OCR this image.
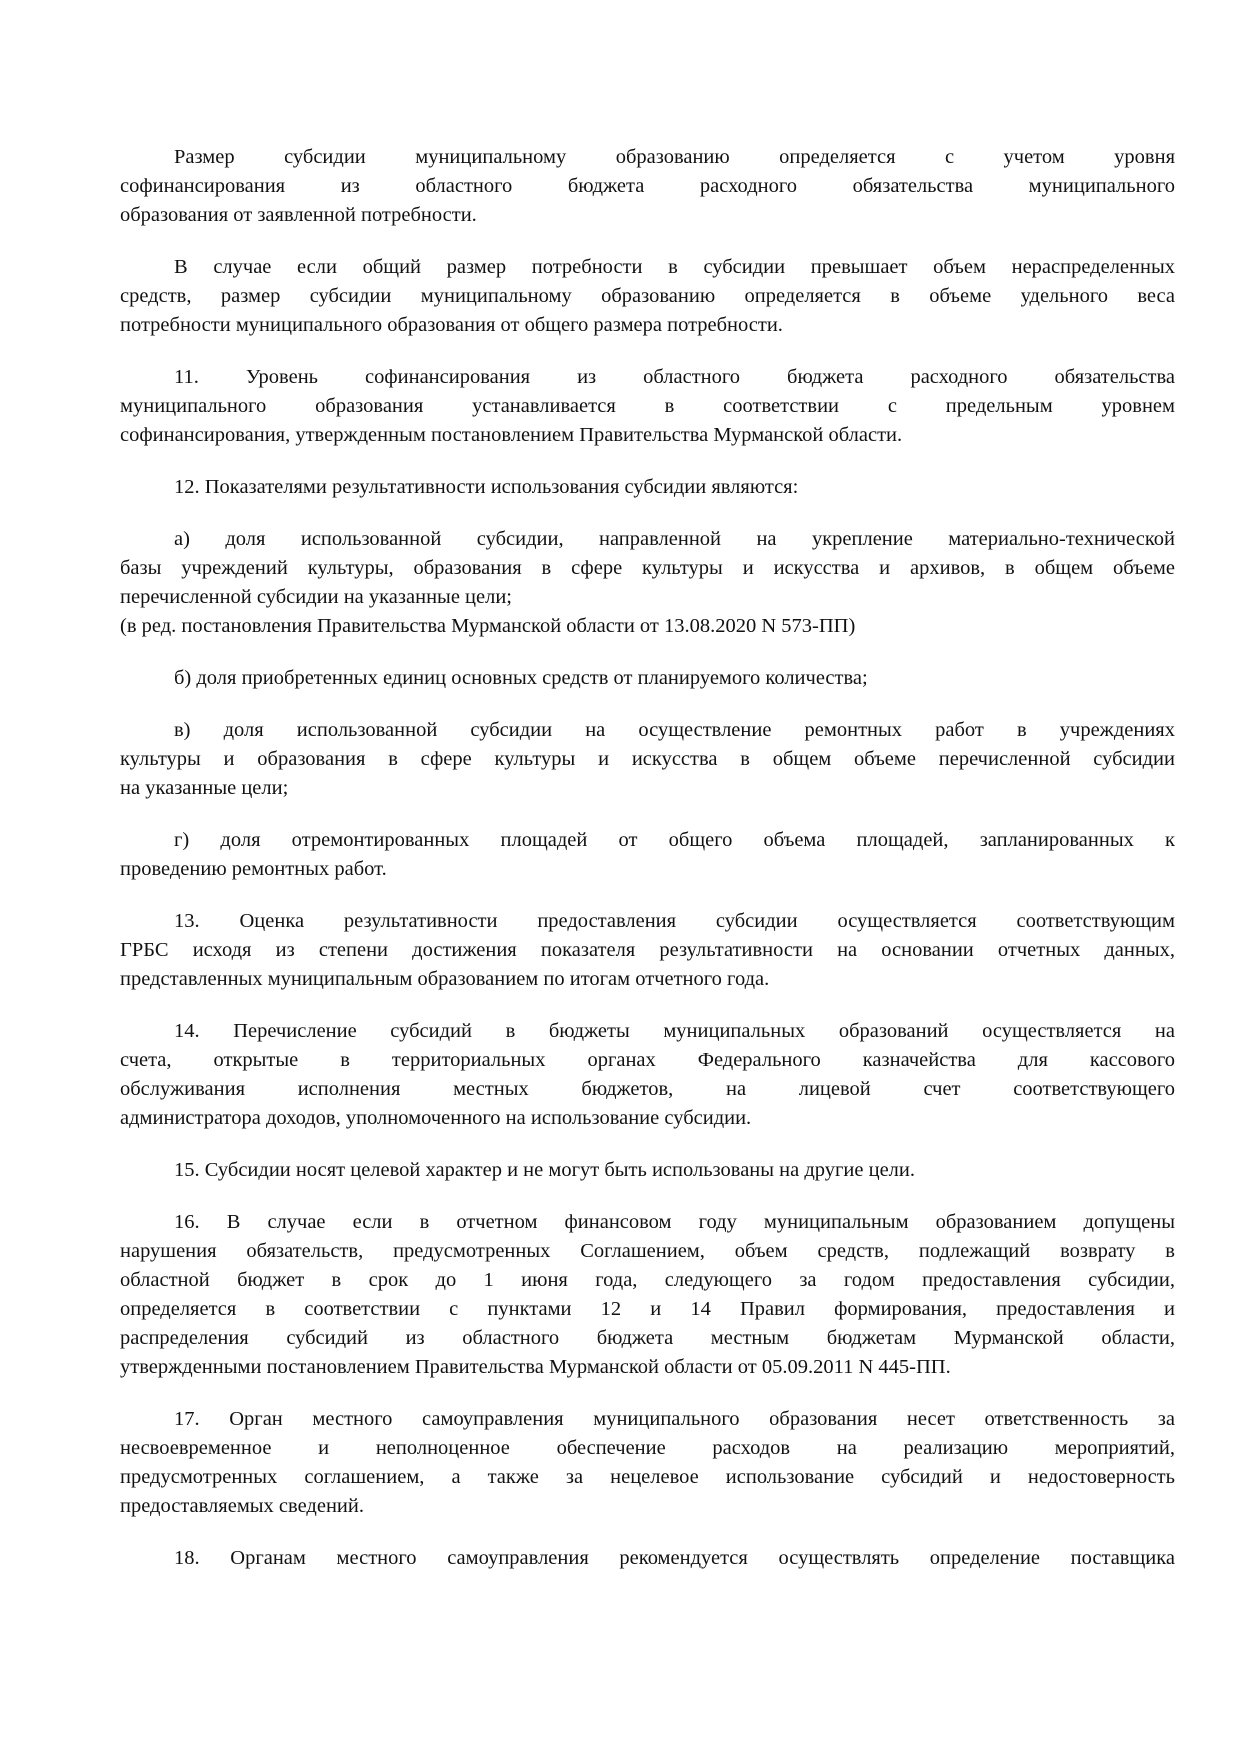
Размер субсидии муниципальному образованию определяется с учетом уровня
софинансирования из областного бюджета расходного обязательства муниципального
образования от заявленной потребности.
В случае если общий размер потребности в субсидии превышает объем нераспределенных
средств, размер субсидии муниципальному образованию определяется в объеме удельного веса
потребности муниципального образования от общего размера потребности.
11. Уровень софинансирования из областного бюджета расходного обязательства
муниципального образования устанавливается в соответствии с предельным уровнем
софинансирования, утвержденным постановлением Правительства Мурманской области.
12. Показателями результативности использования субсидии являются:
а) доля использованной субсидии, направленной на укрепление материально-технической
базы учреждений культуры, образования в сфере культуры и искусства и архивов, в общем объеме
перечисленной субсидии на указанные цели;
(в ред. постановления Правительства Мурманской области от 13.08.2020 N 573-ПП)
б) доля приобретенных единиц основных средств от планируемого количества;
в) доля использованной субсидии на осуществление ремонтных работ в учреждениях
культуры и образования в сфере культуры и искусства в общем объеме перечисленной субсидии
на указанные цели;
г) доля отремонтированных площадей от общего объема площадей, запланированных к
проведению ремонтных работ.
13. Оценка результативности предоставления субсидии осуществляется соответствующим
ГРБС исходя из степени достижения показателя результативности на основании отчетных данных,
представленных муниципальным образованием по итогам отчетного года.
14. Перечисление субсидий в бюджеты муниципальных образований осуществляется на
счета, открытые в территориальных органах Федерального казначейства для кассового
обслуживания исполнения местных бюджетов, на лицевой счет соответствующего
администратора доходов, уполномоченного на использование субсидии.
15. Субсидии носят целевой характер и не могут быть использованы на другие цели.
16. В случае если в отчетном финансовом году муниципальным образованием допущены
нарушения обязательств, предусмотренных Соглашением, объем средств, подлежащий возврату в
областной бюджет в срок до 1 июня года, следующего за годом предоставления субсидии,
определяется в соответствии с пунктами 12 и 14 Правил формирования, предоставления и
распределения субсидий из областного бюджета местным бюджетам Мурманской области,
утвержденными постановлением Правительства Мурманской области от 05.09.2011 N 445-ПП.
17. Орган местного самоуправления муниципального образования несет ответственность за
несвоевременное и неполноценное обеспечение расходов на реализацию мероприятий,
предусмотренных соглашением, а также за нецелевое использование субсидий и недостоверность
предоставляемых сведений.
18. Органам местного самоуправления рекомендуется осуществлять определение поставщика
